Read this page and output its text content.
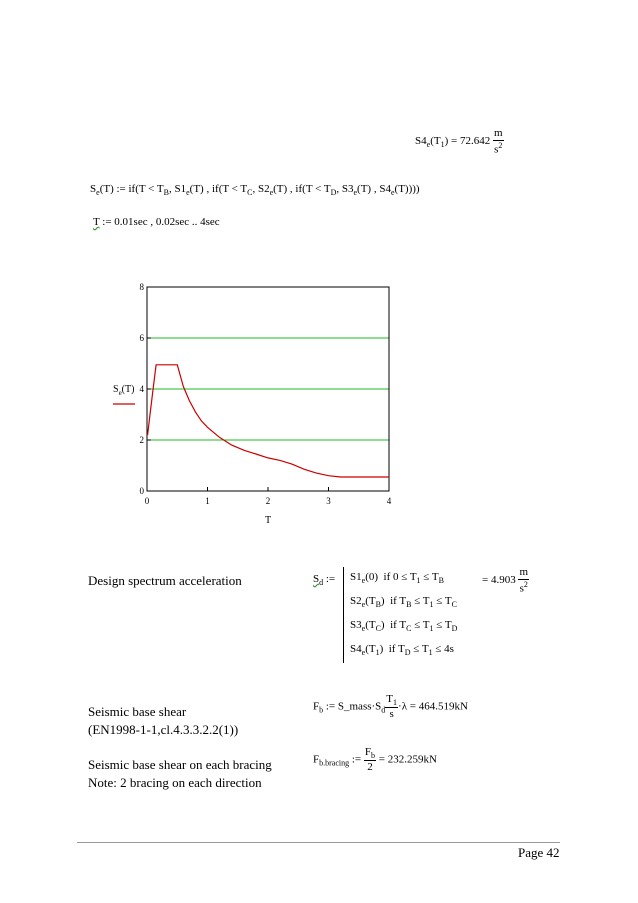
$S4_e(T_1) = 72.642 \frac{m}{s^2}$
$S_e(T)$ := $if(T < T_B$, $S1_e(T)$ , $if(T < T_C$, $S2_e(T)$ , $if(T < T_D$, $S3_e(T)$ , $S4_e(T)$)))
T := 0.01sec , 0.02sec .. 4sec
0
2
4
6
8
0	1	2	3	4
T
$S_e(T)$
Design spectrum acceleration	$S_d$ := $S1_e(0)$ if $0 \le T_1 \le T_B$
$S2_e(T_B)$ if $T_B \le T_1 \le T_C$
$S3_e(T_C)$ if $T_C \le T_1 \le T_D$
$S4_e(T_1)$ if $T_D \le T_1 \le 4s$
= $4.903 \frac{m}{s^2}$
Seismic base shear
(EN1998-1-1,cl.4.3.3.2.2(1))
$F_b$ := $S\_mass\cdot S_d \frac{T_1}{s} \cdot\lambda = 464.519kN$
Seismic base shear on each bracing
Note: 2 bracing on each direction
$F_{b.bracing}$ := $\frac{F_b}{2} = 232.259kN$
Page 42
